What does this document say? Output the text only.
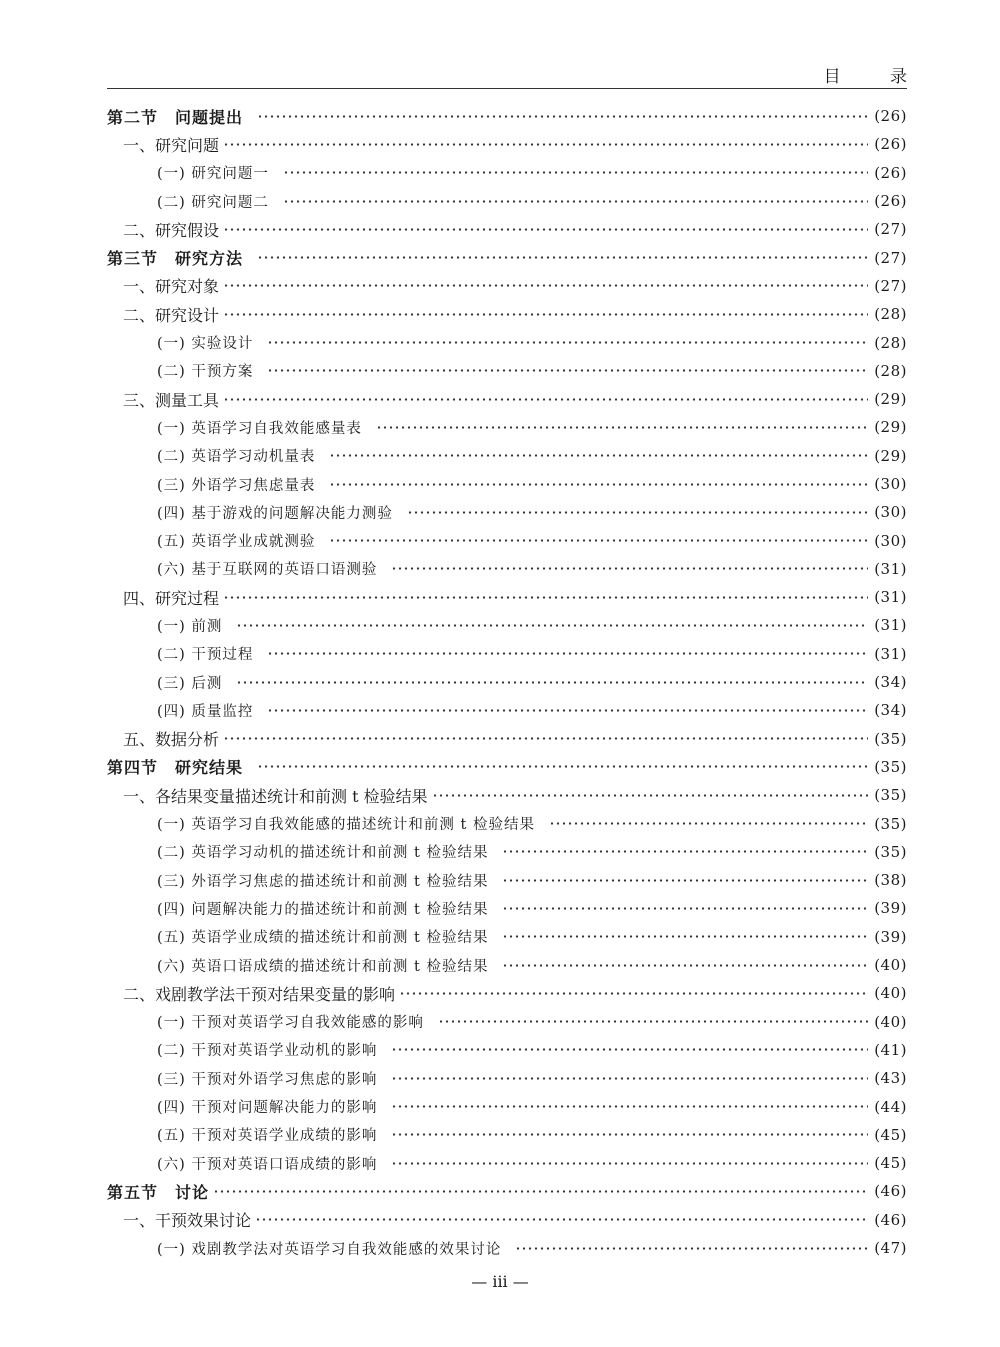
目 录
第二节　问题提出	(26)
一、研究问题	(26)
(一) 研究问题一	(26)
(二) 研究问题二	(26)
二、研究假设	(27)
第三节　研究方法	(27)
一、研究对象	(27)
二、研究设计	(28)
(一) 实验设计	(28)
(二) 干预方案	(28)
三、测量工具	(29)
(一) 英语学习自我效能感量表	(29)
(二) 英语学习动机量表	(29)
(三) 外语学习焦虑量表	(30)
(四) 基于游戏的问题解决能力测验	(30)
(五) 英语学业成就测验	(30)
(六) 基于互联网的英语口语测验	(31)
四、研究过程	(31)
(一) 前测	(31)
(二) 干预过程	(31)
(三) 后测	(34)
(四) 质量监控	(34)
五、数据分析	(35)
第四节　研究结果	(35)
一、各结果变量描述统计和前测 t 检验结果	(35)
(一) 英语学习自我效能感的描述统计和前测 t 检验结果	(35)
(二) 英语学习动机的描述统计和前测 t 检验结果	(35)
(三) 外语学习焦虑的描述统计和前测 t 检验结果	(38)
(四) 问题解决能力的描述统计和前测 t 检验结果	(39)
(五) 英语学业成绩的描述统计和前测 t 检验结果	(39)
(六) 英语口语成绩的描述统计和前测 t 检验结果	(40)
二、戏剧教学法干预对结果变量的影响	(40)
(一) 干预对英语学习自我效能感的影响	(40)
(二) 干预对英语学业动机的影响	(41)
(三) 干预对外语学习焦虑的影响	(43)
(四) 干预对问题解决能力的影响	(44)
(五) 干预对英语学业成绩的影响	(45)
(六) 干预对英语口语成绩的影响	(45)
第五节　讨论	(46)
一、干预效果讨论	(46)
(一) 戏剧教学法对英语学习自我效能感的效果讨论	(47)
— iii —
